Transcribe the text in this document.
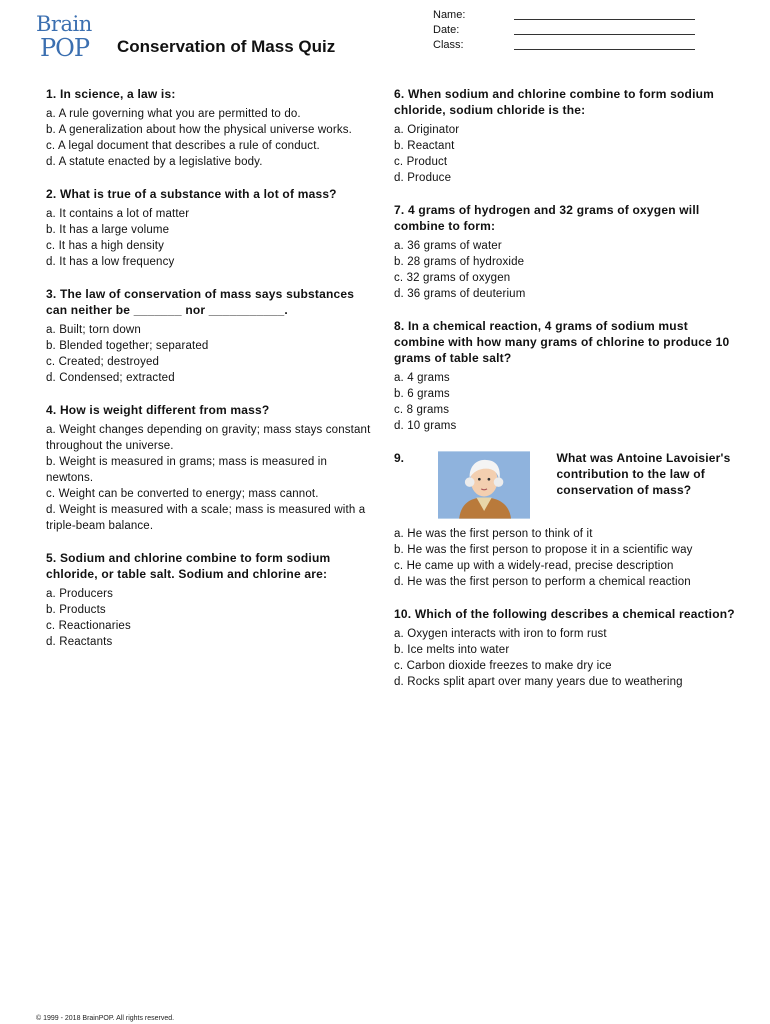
Brain
POP Conservation of Mass Quiz
Name:
Date:
Class:
1. In science, a law is:
a. A rule governing what you are permitted to do.
b. A generalization about how the physical universe works.
c. A legal document that describes a rule of conduct.
d. A statute enacted by a legislative body.
2. What is true of a substance with a lot of mass?
a. It contains a lot of matter
b. It has a large volume
c. It has a high density
d. It has a low frequency
3. The law of conservation of mass says substances can neither be _______ nor ___________.
a. Built; torn down
b. Blended together; separated
c. Created; destroyed
d. Condensed; extracted
4. How is weight different from mass?
a. Weight changes depending on gravity; mass stays constant throughout the universe.
b. Weight is measured in grams; mass is measured in newtons.
c. Weight can be converted to energy; mass cannot.
d. Weight is measured with a scale; mass is measured with a triple-beam balance.
5. Sodium and chlorine combine to form sodium chloride, or table salt. Sodium and chlorine are:
a. Producers
b. Products
c. Reactionaries
d. Reactants
6. When sodium and chlorine combine to form sodium chloride, sodium chloride is the:
a. Originator
b. Reactant
c. Product
d. Produce
7. 4 grams of hydrogen and 32 grams of oxygen will combine to form:
a. 36 grams of water
b. 28 grams of hydroxide
c. 32 grams of oxygen
d. 36 grams of deuterium
8. In a chemical reaction, 4 grams of sodium must combine with how many grams of chlorine to produce 10 grams of table salt?
a. 4 grams
b. 6 grams
c. 8 grams
d. 10 grams
9.	What was Antoine Lavoisier's contribution to the law of conservation of mass?
a. He was the first person to think of it
b. He was the first person to propose it in a scientific way
c. He came up with a widely-read, precise description
d. He was the first person to perform a chemical reaction
10. Which of the following describes a chemical reaction?
a. Oxygen interacts with iron to form rust
b. Ice melts into water
c. Carbon dioxide freezes to make dry ice
d. Rocks split apart over many years due to weathering
© 1999 - 2018 BrainPOP. All rights reserved.
